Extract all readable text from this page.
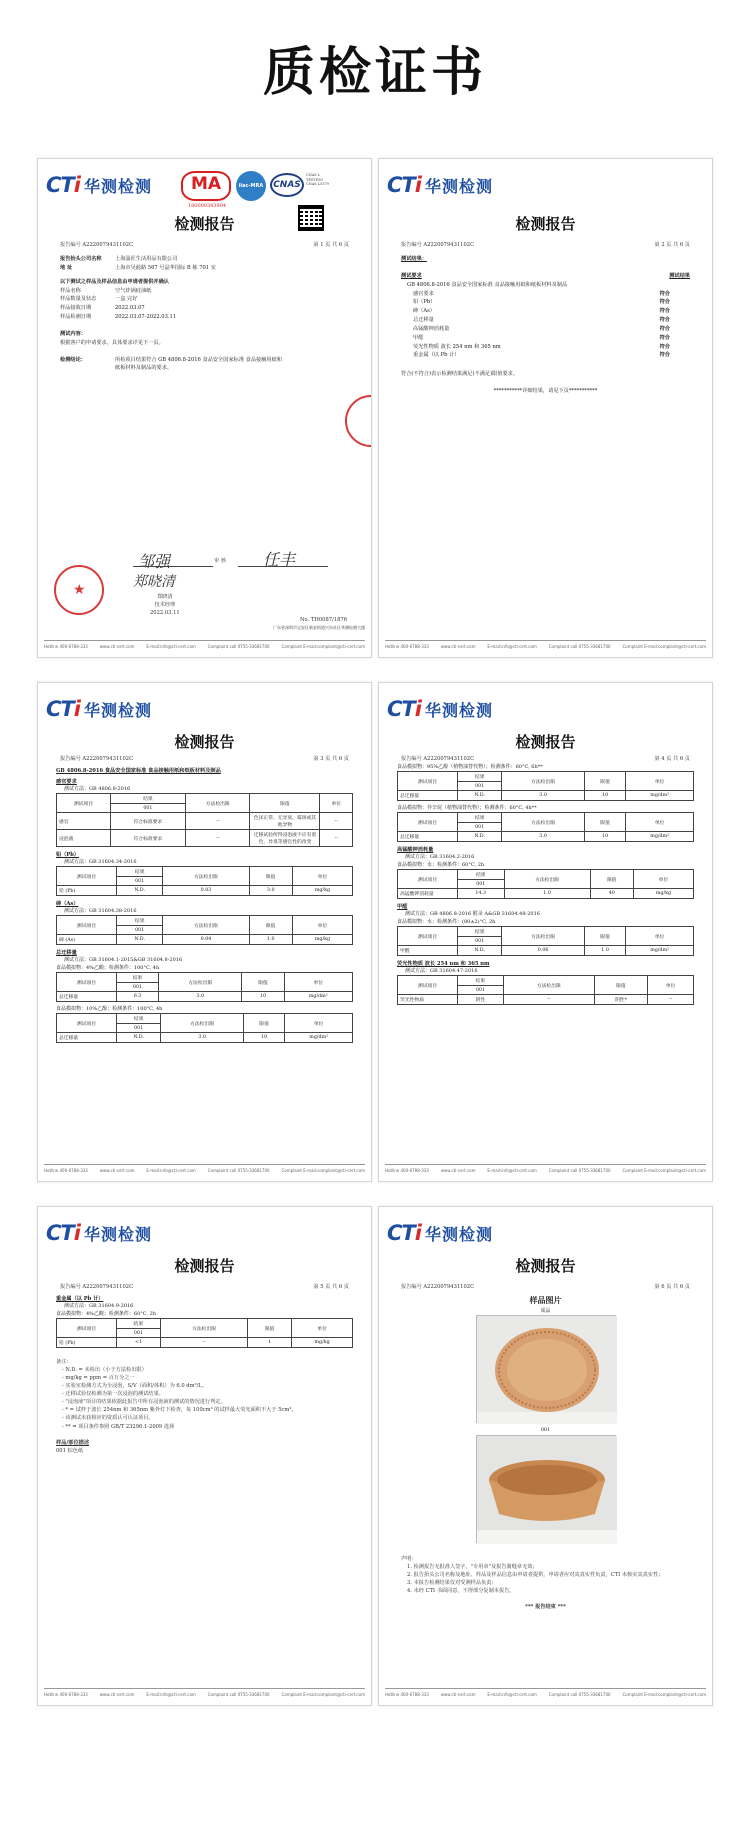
质检证书
CTi 华测检测	MA
180000343904
ilac-MRA	CNAS
CNAS L
TESTING
CNAS L5579
检测报告
报告编号 A2220079431102C	第 1 页 共 6 页
报告抬头公司名称	上海淄匠生活用品有限公司
地 址	上海市吴淞路 567 号晶华国际 B 栋 701 室
以下测试之样品及样品信息由申请者提供并确认
样品名称	空气炸锅硅油纸
样品数量及状态	一盒 完好
样品接收日期	2022.03.07
样品检测日期	2022.03.07-2022.03.11
测试内容：
根据客户的申请要求，具体要求详见下一页。
检测结论：	所检项目结果符合 GB 4806.8-2016 食品安全国家标准 食品接触用纸和纸板材料及制品的要求。
邹强	审 核 任丰
郑晓清
★	郑晓清
技术经理
2022.03.11
No. TH0087/1876
广东省深圳市宝安区新安街道兴东社区华测检测大楼
Hotline 400-6788-333	www.cti-cert.com	E-mail:info@cti-cert.com	Complaint call 0755-33681700	Complaint E-mail:complaint@cti-cert.com
CTi 华测检测
检测报告
报告编号 A2220079431102C	第 2 页 共 6 页
测试结果：
测试要求	测试结果
GB 4806.8-2016 食品安全国家标准 食品接触用纸和纸板材料及制品
感官要求	符合
铅（Pb）	符合
砷（As）	符合
总迁移量	符合
高锰酸钾消耗量	符合
甲醛	符合
荧光性物质 波长 254 nm 和 365 nm	符合
重金属（以 Pb 计）	符合
符合(不符合)表示检测结果满足(不满足)限值要求。
***********详细结果，请见下页***********
Hotline 400-6788-333	www.cti-cert.com	E-mail:info@cti-cert.com	Complaint call 0755-33681700	Complaint E-mail:complaint@cti-cert.com
CTi 华测检测
检测报告
报告编号 A2220079431102C	第 3 页 共 6 页
GB 4806.8-2016 食品安全国家标准 食品接触用纸和纸板材料及制品
感官要求
测试方法：GB 4806.8-2016
测试项目	结果	方法检出限	限值	单位
	001			
感官	符合标准要求	--	色泽正常、无异臭、霉斑或其他异物	--
浸泡液	符合标准要求	--	迁移试验所得浸泡液不应有着色、异臭等感官性的改变	--
铅（Pb）
测试方法：GB 31604.34-2016
测试项目	结果	方法检出限	限值	单位
	001			
铅 (Pb)	N.D.	0.03	3.0	mg/kg
砷（As）
测试方法：GB 31604.38-2016
测试项目	结果	方法检出限	限值	单位
	001			
砷 (As)	N.D.	0.04	1.0	mg/kg
总迁移量
测试方法：GB 31604.1-2015&GB 31604.8-2016
食品模拟物：4%乙酸；检测条件：100°C, 4h
测试项目	结果	方法检出限	限值	单位
	001			
总迁移量	6.3	3.0	10	mg/dm²
食品模拟物：10%乙醇；检测条件：100°C, 4h
测试项目	结果	方法检出限	限值	单位
	001			
总迁移量	N.D.	3.0	10	mg/dm²
Hotline 400-6788-333	www.cti-cert.com	E-mail:info@cti-cert.com	Complaint call 0755-33681700	Complaint E-mail:complaint@cti-cert.com
CTi 华测检测
检测报告
报告编号 A2220079431102C	第 4 页 共 6 页
食品模拟物：95%乙醇（植物油替代物）；检测条件：60°C, 6h**
测试项目	结果	方法检出限	限值	单位
	001			
总迁移量	N.D.	3.0	10	mg/dm²
食品模拟物：异辛烷（植物油替代物）；检测条件：60°C, 4h**
测试项目	结果	方法检出限	限值	单位
	001			
总迁移量	N.D.	3.0	10	mg/dm²
高锰酸钾消耗量
测试方法：GB 31604.2-2016
食品模拟物：水；检测条件：60°C, 2h
测试项目	结果	方法检出限	限值	单位
	001			
高锰酸钾消耗量	14.3	1.0	40	mg/kg
甲醛
测试方法：GB 4806.8-2016 附录 A&GB 31604.48-2016
食品模拟物：水；检测条件：(80±2)°C, 2h
测试项目	结果	方法检出限	限值	单位
	001			
甲醛	N.D.	0.06	1.0	mg/dm²
荧光性物质 波长 254 nm 和 365 nm
测试方法：GB 31604.47-2016
测试项目	结果	方法检出限	限值	单位
	001			
荧光性物质	阴性	--	阴性*	--
Hotline 400-6788-333	www.cti-cert.com	E-mail:info@cti-cert.com	Complaint call 0755-33681700	Complaint E-mail:complaint@cti-cert.com
CTi 华测检测
检测报告
报告编号 A2220079431102C	第 5 页 共 6 页
重金属（以 Pb 计）
测试方法：GB 31604.9-2016
食品模拟物：4%乙酸；检测条件：60°C, 2h
测试项目	结果	方法检出限	限值	单位
	001			
铅 (Pb)	<1	--	1	mg/kg
备注：
- N.D. = 未检出（小于方法检出限）
- mg/kg = ppm = 百万分之一
- 实验室检测方式为全浸泡，S/V（面积/体积）为 6.0 dm²/L。
- 迁移试验仅检测为第一次浸泡的测试结果。
- "浸泡液"项目的结果依据此报告中所有浸泡液的测试的情况进行判定。
- * = 试样于波长 254nm 和 365nm 紫外灯下检查，每 100cm² 的试样最大荧光面积不大于 5cm²。
- 该测试未获相应的资质认可认证项目。
- ** = 项目条件参照 GB/T 23296.1-2009 选择
样品/部位描述
001 棕色纸
Hotline 400-6788-333	www.cti-cert.com	E-mail:info@cti-cert.com	Complaint call 0755-33681700	Complaint E-mail:complaint@cti-cert.com
CTi 华测检测
检测报告
报告编号 A2220079431102C	第 6 页 共 6 页
样品图片
成品
001
声明：
1. 检测报告无批准人签字、"专用章"及报告骑缝章无效；
2. 报告抬头公司名称及地址、样品及样品信息由申请者提供，申请者应对其真实性负责，CTI 未核实其真实性；
3. 本报告检测结果仅对受测样品负责；
4. 未经 CTI 书面同意，不得部分复制本报告。
*** 报告结束 ***
Hotline 400-6788-333	www.cti-cert.com	E-mail:info@cti-cert.com	Complaint call 0755-33681700	Complaint E-mail:complaint@cti-cert.com
